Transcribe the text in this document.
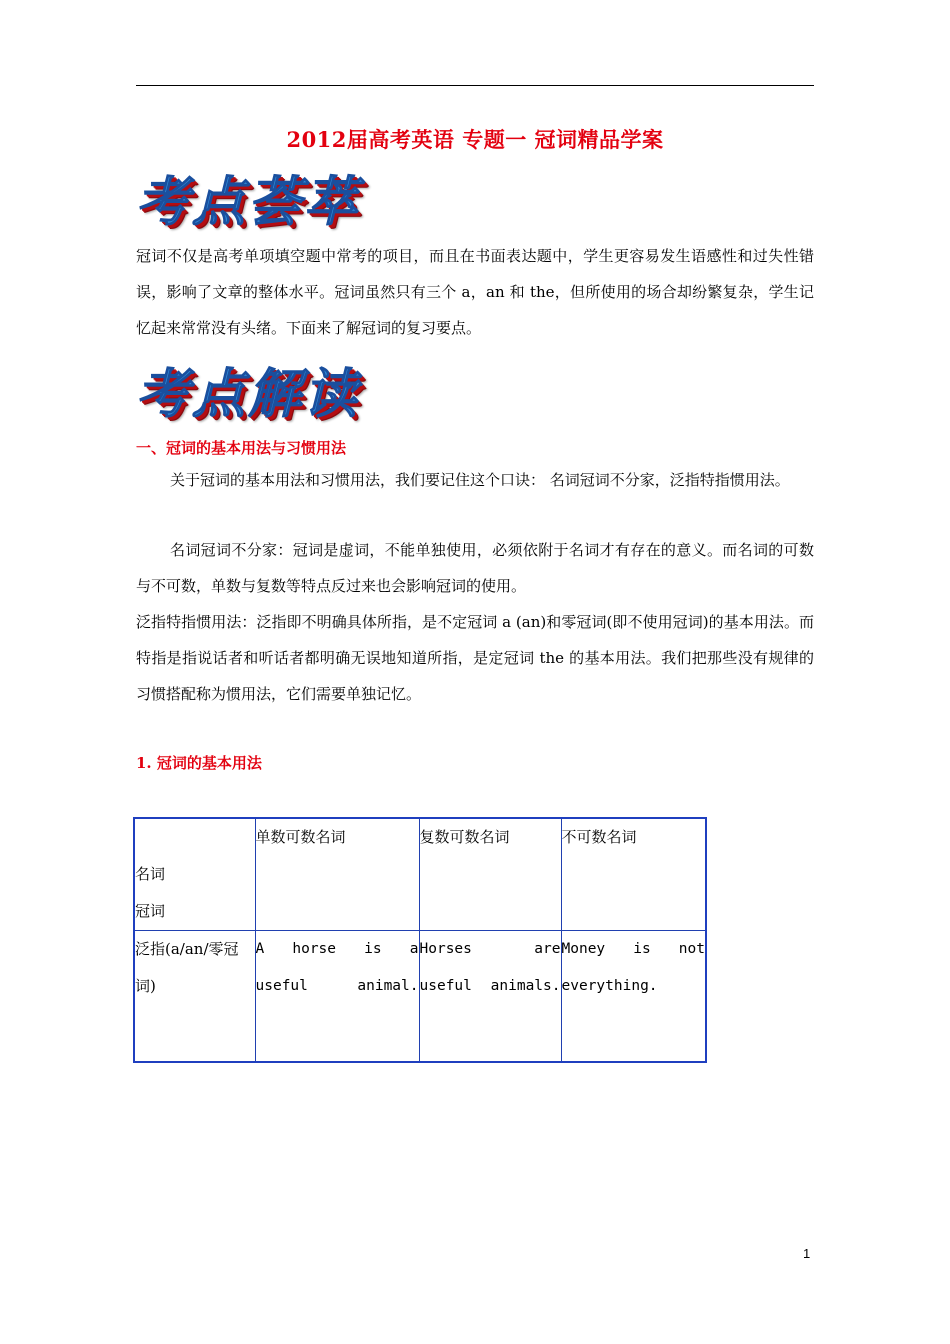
2012届高考英语 专题一 冠词精品学案
考点荟萃
冠词不仅是高考单项填空题中常考的项目，而且在书面表达题中，学生更容易发生语感性和过失性错误，影响了文章的整体水平。冠词虽然只有三个 a，an 和 the，但所使用的场合却纷繁复杂，学生记忆起来常常没有头绪。下面来了解冠词的复习要点。
考点解读
一、冠词的基本用法与习惯用法
关于冠词的基本用法和习惯用法，我们要记住这个口诀： 名词冠词不分家，泛指特指惯用法。
名词冠词不分家：冠词是虚词，不能单独使用，必须依附于名词才有存在的意义。而名词的可数与不可数，单数与复数等特点反过来也会影响冠词的使用。
泛指特指惯用法：泛指即不明确具体所指，是不定冠词 a (an)和零冠词(即不使用冠词)的基本用法。而特指是指说话者和听话者都明确无误地知道所指，是定冠词 the 的基本用法。我们把那些没有规律的习惯搭配称为惯用法，它们需要单独记忆。
1. 冠词的基本用法
名词
冠词	单数可数名词	复数可数名词	不可数名词
泛指(a/an/零冠词)	A horse is a useful animal.	Horses are useful animals.	Money is not everything.
1
